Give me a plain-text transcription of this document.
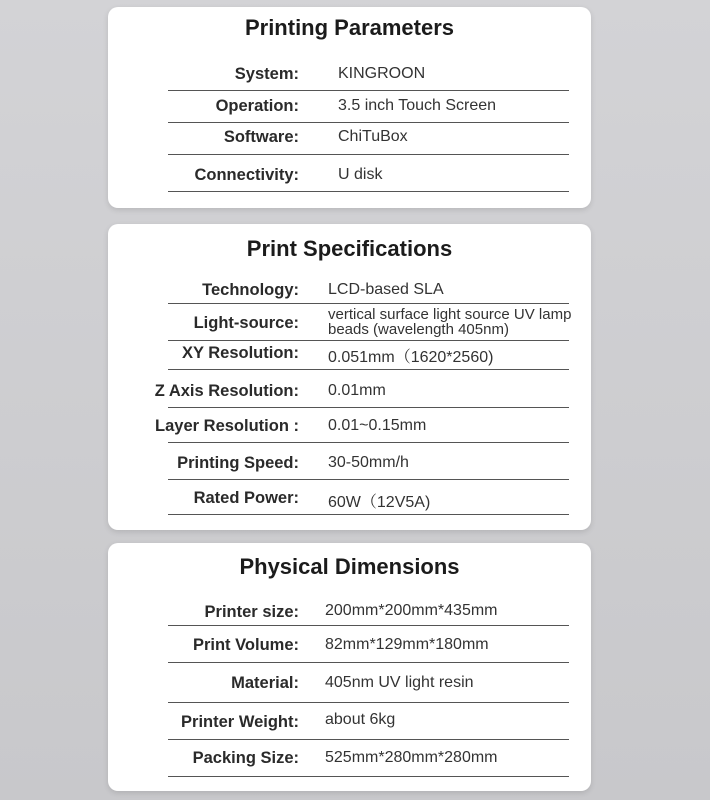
Printing Parameters
System: KINGROON
Operation: 3.5 inch Touch Screen
Software: ChiTuBox
Connectivity: U disk
Print Specifications
Technology: LCD-based SLA
Light-source: vertical surface light source UV lamp beads (wavelength 405nm)
XY Resolution: 0.051mm（1620*2560)
Z Axis Resolution: 0.01mm
Layer Resolution : 0.01~0.15mm
Printing Speed: 30-50mm/h
Rated Power: 60W（12V5A)
Physical Dimensions
Printer size: 200mm*200mm*435mm
Print Volume: 82mm*129mm*180mm
Material: 405nm UV light resin
Printer Weight: about 6kg
Packing Size: 525mm*280mm*280mm
